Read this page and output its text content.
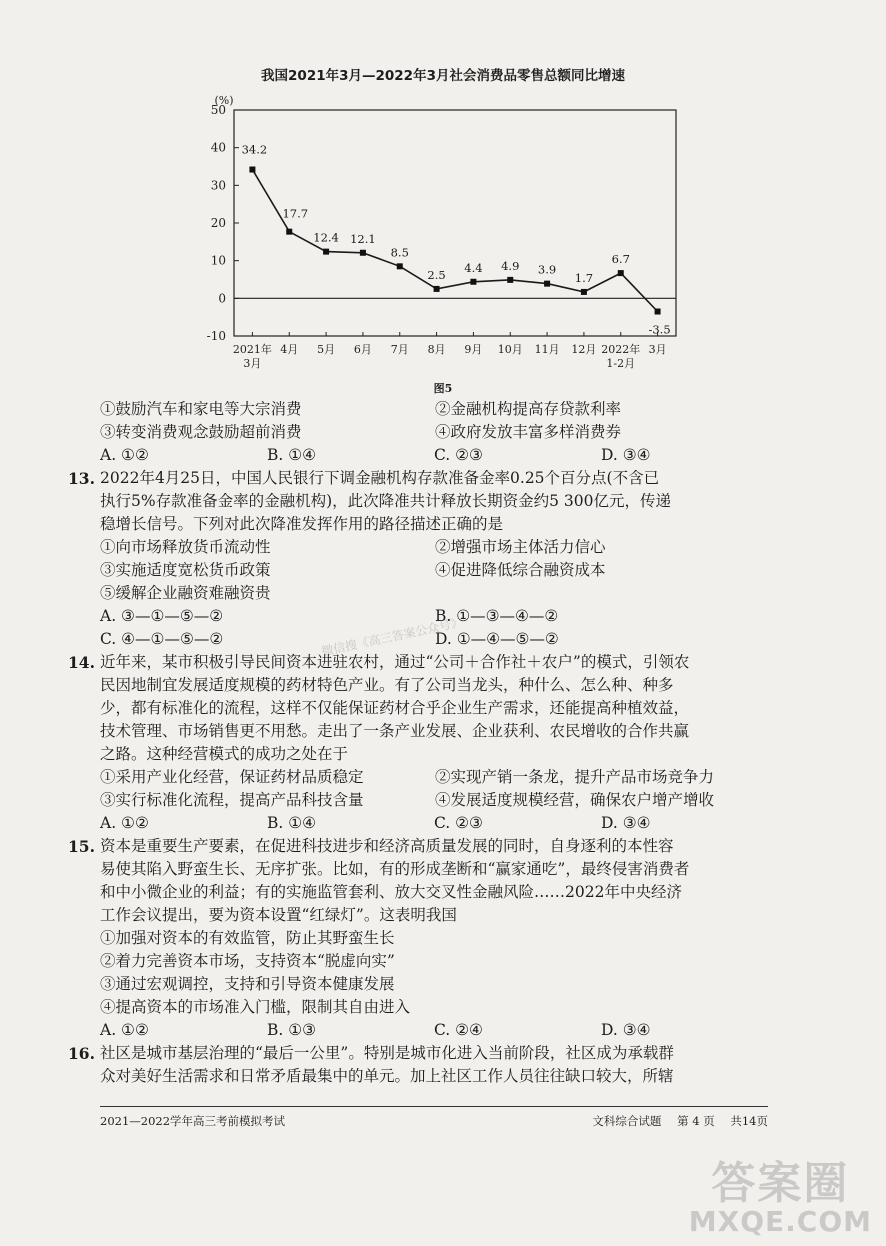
我国2021年3月—2022年3月社会消费品零售总额同比增速
(%)
50
40
30
20
10
0
-10
34.2
17.7
12.4 12.1
8.5
2.5
4.4 4.9 3.9
1.7
6.7
-3.5
2021年
3月
4月 5月 6月 7月 8月 9月 10月 11月 12月 2022年
1-2月
3月
图5
①鼓励汽车和家电等大宗消费	②金融机构提高存贷款利率
③转变消费观念鼓励超前消费	④政府发放丰富多样消费券
A. ①②	B. ①④	C. ②③	D. ③④
13. 2022年4月25日，中国人民银行下调金融机构存款准备金率0.25个百分点(不含已
执行5%存款准备金率的金融机构)，此次降准共计释放长期资金约5 300亿元，传递
稳增长信号。下列对此次降准发挥作用的路径描述正确的是
①向市场释放货币流动性	②增强市场主体活力信心
③实施适度宽松货币政策	④促进降低综合融资成本
⑤缓解企业融资难融资贵
A. ③—①—⑤—②	B. ①—③—④—②
C. ④—①—⑤—②	D. ①—④—⑤—②
14. 近年来，某市积极引导民间资本进驻农村，通过“公司＋合作社＋农户”的模式，引领农
民因地制宜发展适度规模的药材特色产业。有了公司当龙头，种什么、怎么种、种多
少，都有标准化的流程，这样不仅能保证药材合乎企业生产需求，还能提高种植效益，
技术管理、市场销售更不用愁。走出了一条产业发展、企业获利、农民增收的合作共赢
之路。这种经营模式的成功之处在于
①采用产业化经营，保证药材品质稳定	②实现产销一条龙，提升产品市场竞争力
③实行标准化流程，提高产品科技含量	④发展适度规模经营，确保农户增产增收
A. ①②	B. ①④	C. ②③	D. ③④
15. 资本是重要生产要素，在促进科技进步和经济高质量发展的同时，自身逐利的本性容
易使其陷入野蛮生长、无序扩张。比如，有的形成垄断和“赢家通吃”，最终侵害消费者
和中小微企业的利益；有的实施监管套利、放大交叉性金融风险……2022年中央经济
工作会议提出，要为资本设置“红绿灯”。这表明我国
①加强对资本的有效监管，防止其野蛮生长
②着力完善资本市场，支持资本“脱虚向实”
③通过宏观调控，支持和引导资本健康发展
④提高资本的市场准入门槛，限制其自由进入
A. ①②	B. ①③	C. ②④	D. ③④
16. 社区是城市基层治理的“最后一公里”。特别是城市化进入当前阶段，社区成为承载群
众对美好生活需求和日常矛盾最集中的单元。加上社区工作人员往往缺口较大，所辖
微信搜《高三答案公众号》
2021—2022学年高三考前模拟考试	文科综合试题 第 4 页 共14页
答案圈
MXQE.COM
